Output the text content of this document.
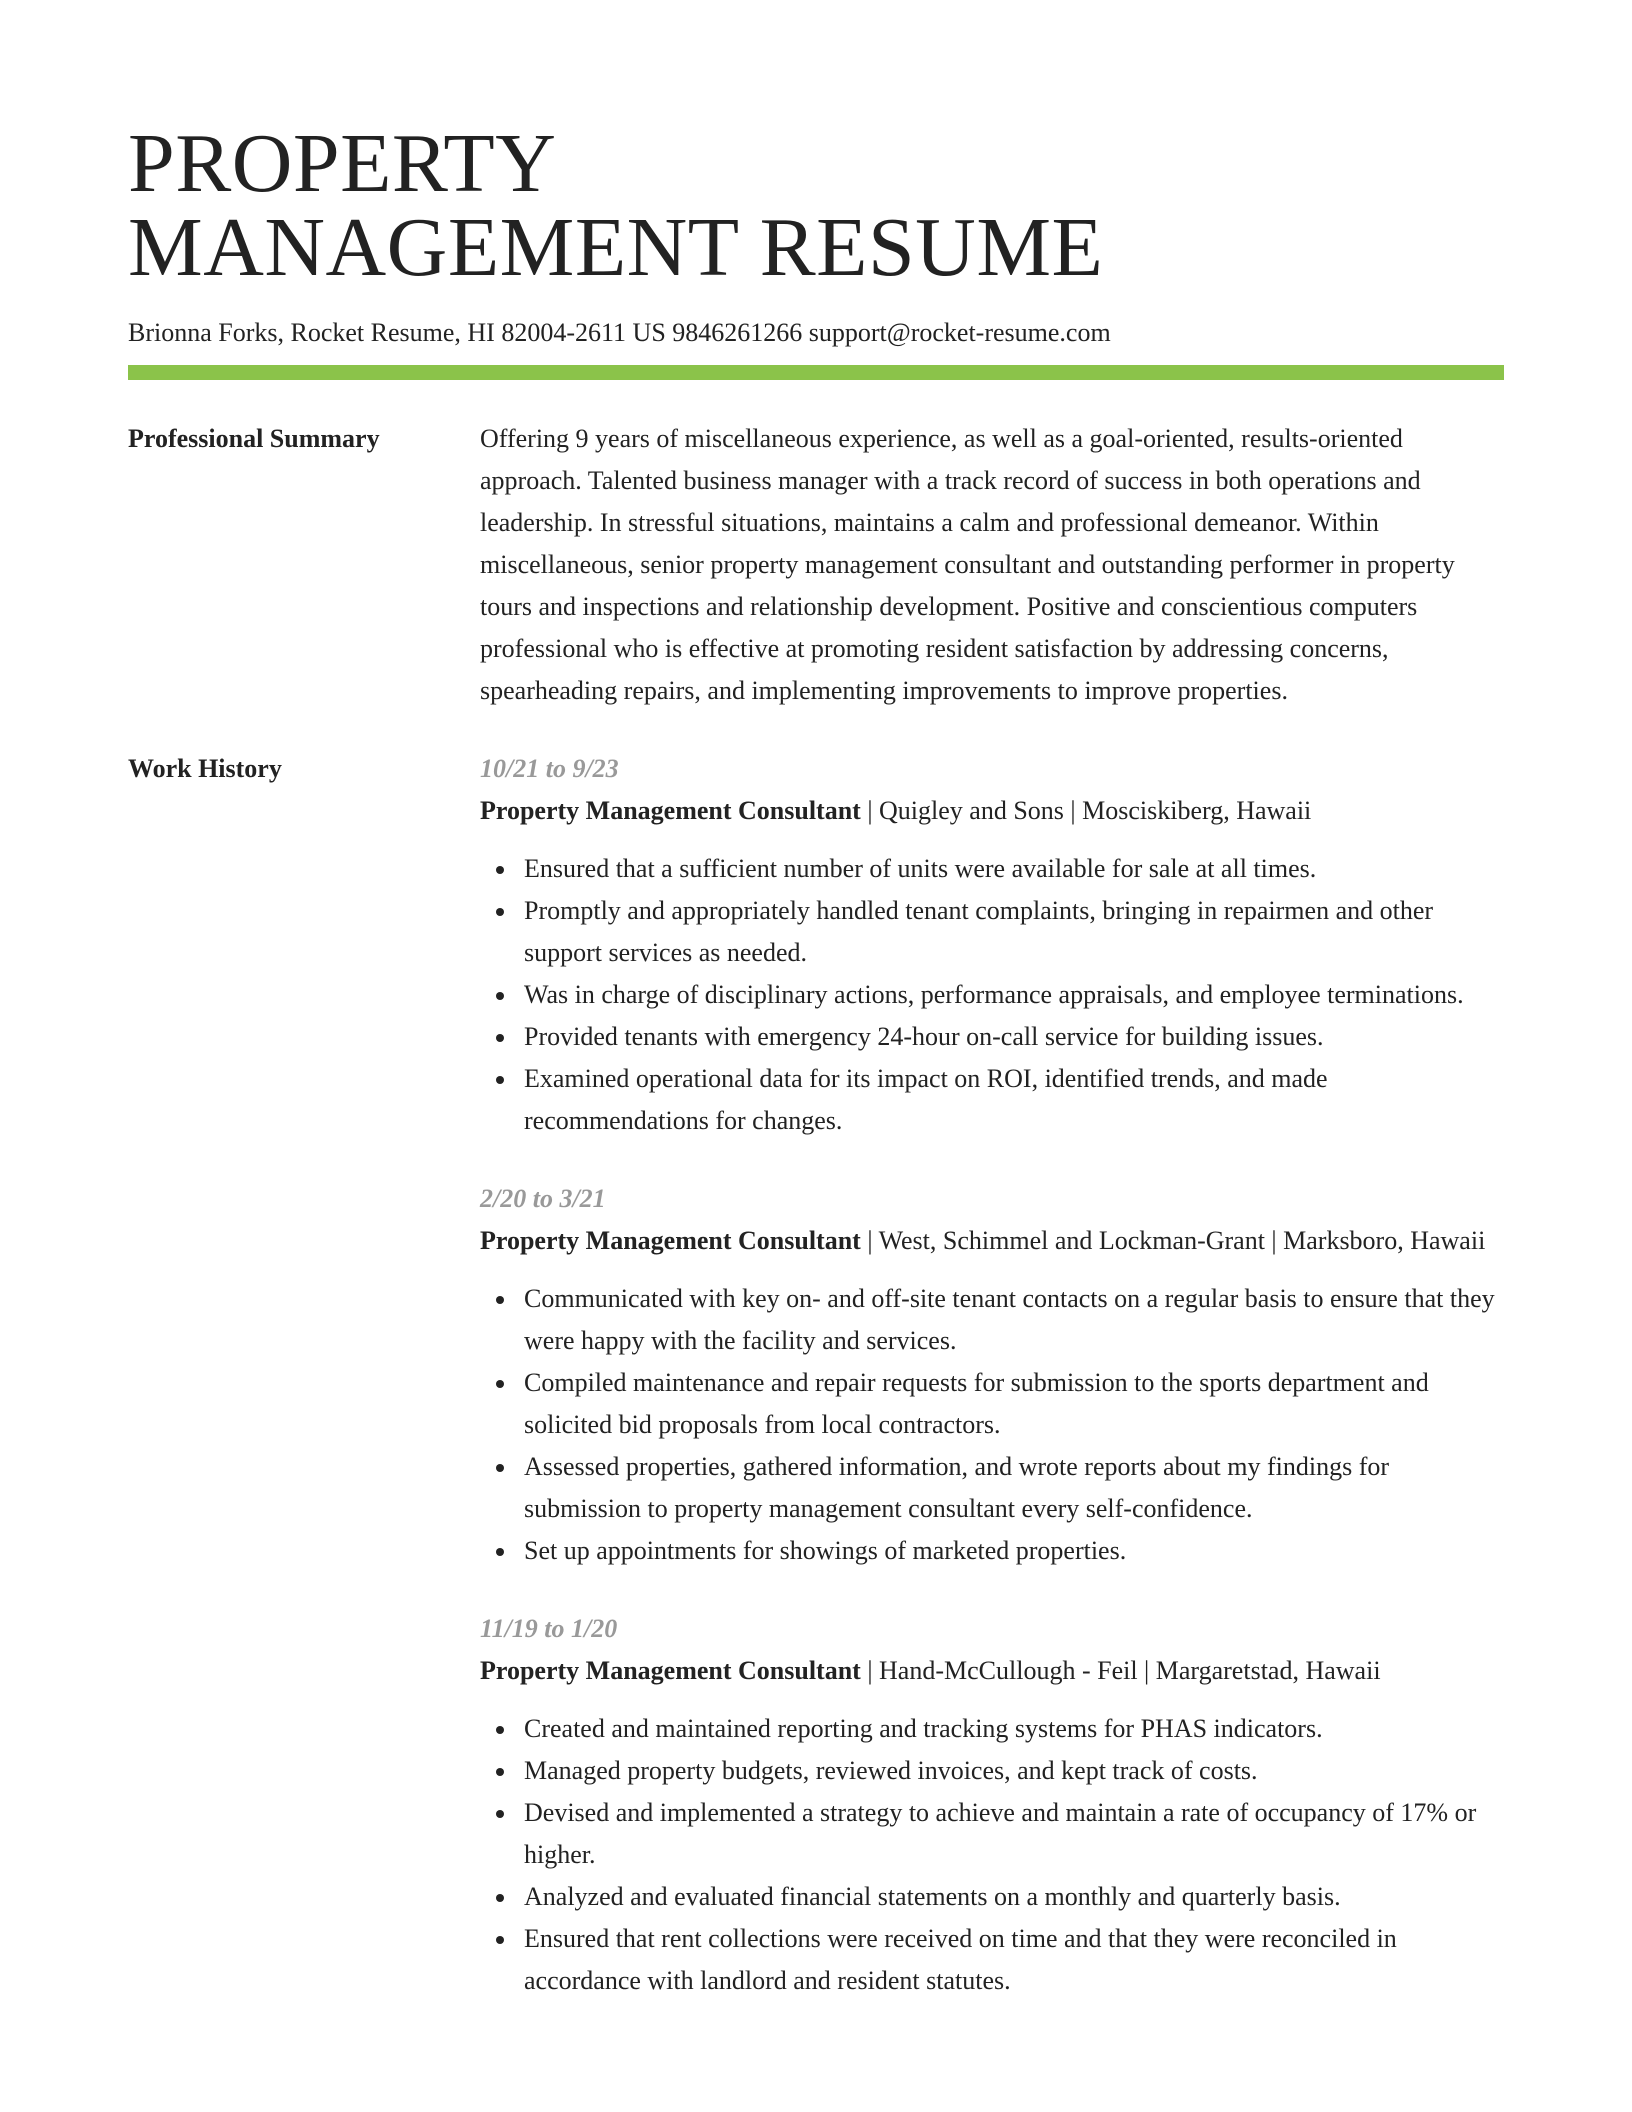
PROPERTY
MANAGEMENT RESUME
Brionna Forks, Rocket Resume, HI 82004-2611 US 9846261266 support@rocket-resume.com
Professional Summary	Offering 9 years of miscellaneous experience, as well as a goal-oriented, results-oriented approach. Talented business manager with a track record of success in both operations and leadership. In stressful situations, maintains a calm and professional demeanor. Within miscellaneous, senior property management consultant and outstanding performer in property tours and inspections and relationship development. Positive and conscientious computers professional who is effective at promoting resident satisfaction by addressing concerns, spearheading repairs, and implementing improvements to improve properties.

Work History	10/21 to 9/23
Property Management Consultant | Quigley and Sons | Mosciskiberg, Hawaii
Ensured that a sufficient number of units were available for sale at all times.
Promptly and appropriately handled tenant complaints, bringing in repairmen and other support services as needed.
Was in charge of disciplinary actions, performance appraisals, and employee terminations.
Provided tenants with emergency 24-hour on-call service for building issues.
Examined operational data for its impact on ROI, identified trends, and made recommendations for changes.
2/20 to 3/21
Property Management Consultant | West, Schimmel and Lockman-Grant | Marksboro, Hawaii
Communicated with key on- and off-site tenant contacts on a regular basis to ensure that they were happy with the facility and services.
Compiled maintenance and repair requests for submission to the sports department and solicited bid proposals from local contractors.
Assessed properties, gathered information, and wrote reports about my findings for submission to property management consultant every self-confidence.
Set up appointments for showings of marketed properties.
11/19 to 1/20
Property Management Consultant | Hand-McCullough - Feil | Margaretstad, Hawaii
Created and maintained reporting and tracking systems for PHAS indicators.
Managed property budgets, reviewed invoices, and kept track of costs.
Devised and implemented a strategy to achieve and maintain a rate of occupancy of 17% or higher.
Analyzed and evaluated financial statements on a monthly and quarterly basis.
Ensured that rent collections were received on time and that they were reconciled in accordance with landlord and resident statutes.
